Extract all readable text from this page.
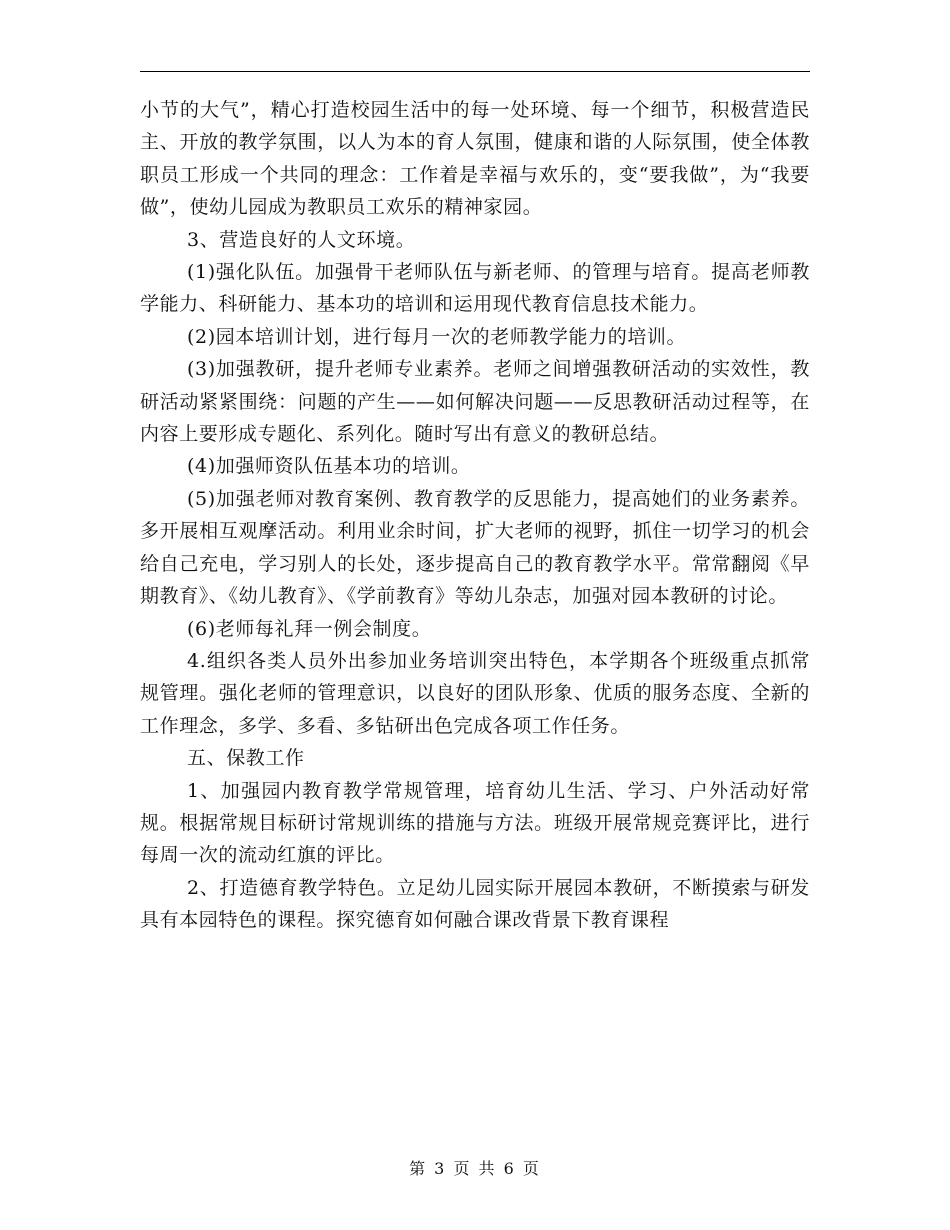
小节的大气”，精心打造校园生活中的每一处环境、每一个细节，积极营造民主、开放的教学氛围，以人为本的育人氛围，健康和谐的人际氛围，使全体教职员工形成一个共同的理念：工作着是幸福与欢乐的，变“要我做”，为“我要做”，使幼儿园成为教职员工欢乐的精神家园。

3、营造良好的人文环境。

(1)强化队伍。加强骨干老师队伍与新老师、的管理与培育。提高老师教学能力、科研能力、基本功的培训和运用现代教育信息技术能力。

(2)园本培训计划，进行每月一次的老师教学能力的培训。

(3)加强教研，提升老师专业素养。老师之间增强教研活动的实效性，教研活动紧紧围绕：问题的产生——如何解决问题——反思教研活动过程等，在内容上要形成专题化、系列化。随时写出有意义的教研总结。

(4)加强师资队伍基本功的培训。

(5)加强老师对教育案例、教育教学的反思能力，提高她们的业务素养。多开展相互观摩活动。利用业余时间，扩大老师的视野，抓住一切学习的机会给自己充电，学习别人的长处，逐步提高自己的教育教学水平。常常翻阅《早期教育》、《幼儿教育》、《学前教育》等幼儿杂志，加强对园本教研的讨论。

(6)老师每礼拜一例会制度。

4.组织各类人员外出参加业务培训突出特色，本学期各个班级重点抓常规管理。强化老师的管理意识，以良好的团队形象、优质的服务态度、全新的工作理念，多学、多看、多钻研出色完成各项工作任务。

五、保教工作

1、加强园内教育教学常规管理，培育幼儿生活、学习、户外活动好常规。根据常规目标研讨常规训练的措施与方法。班级开展常规竞赛评比，进行每周一次的流动红旗的评比。

2、打造德育教学特色。立足幼儿园实际开展园本教研，不断摸索与研发具有本园特色的课程。探究德育如何融合课改背景下教育课程

第 3 页 共 6 页
